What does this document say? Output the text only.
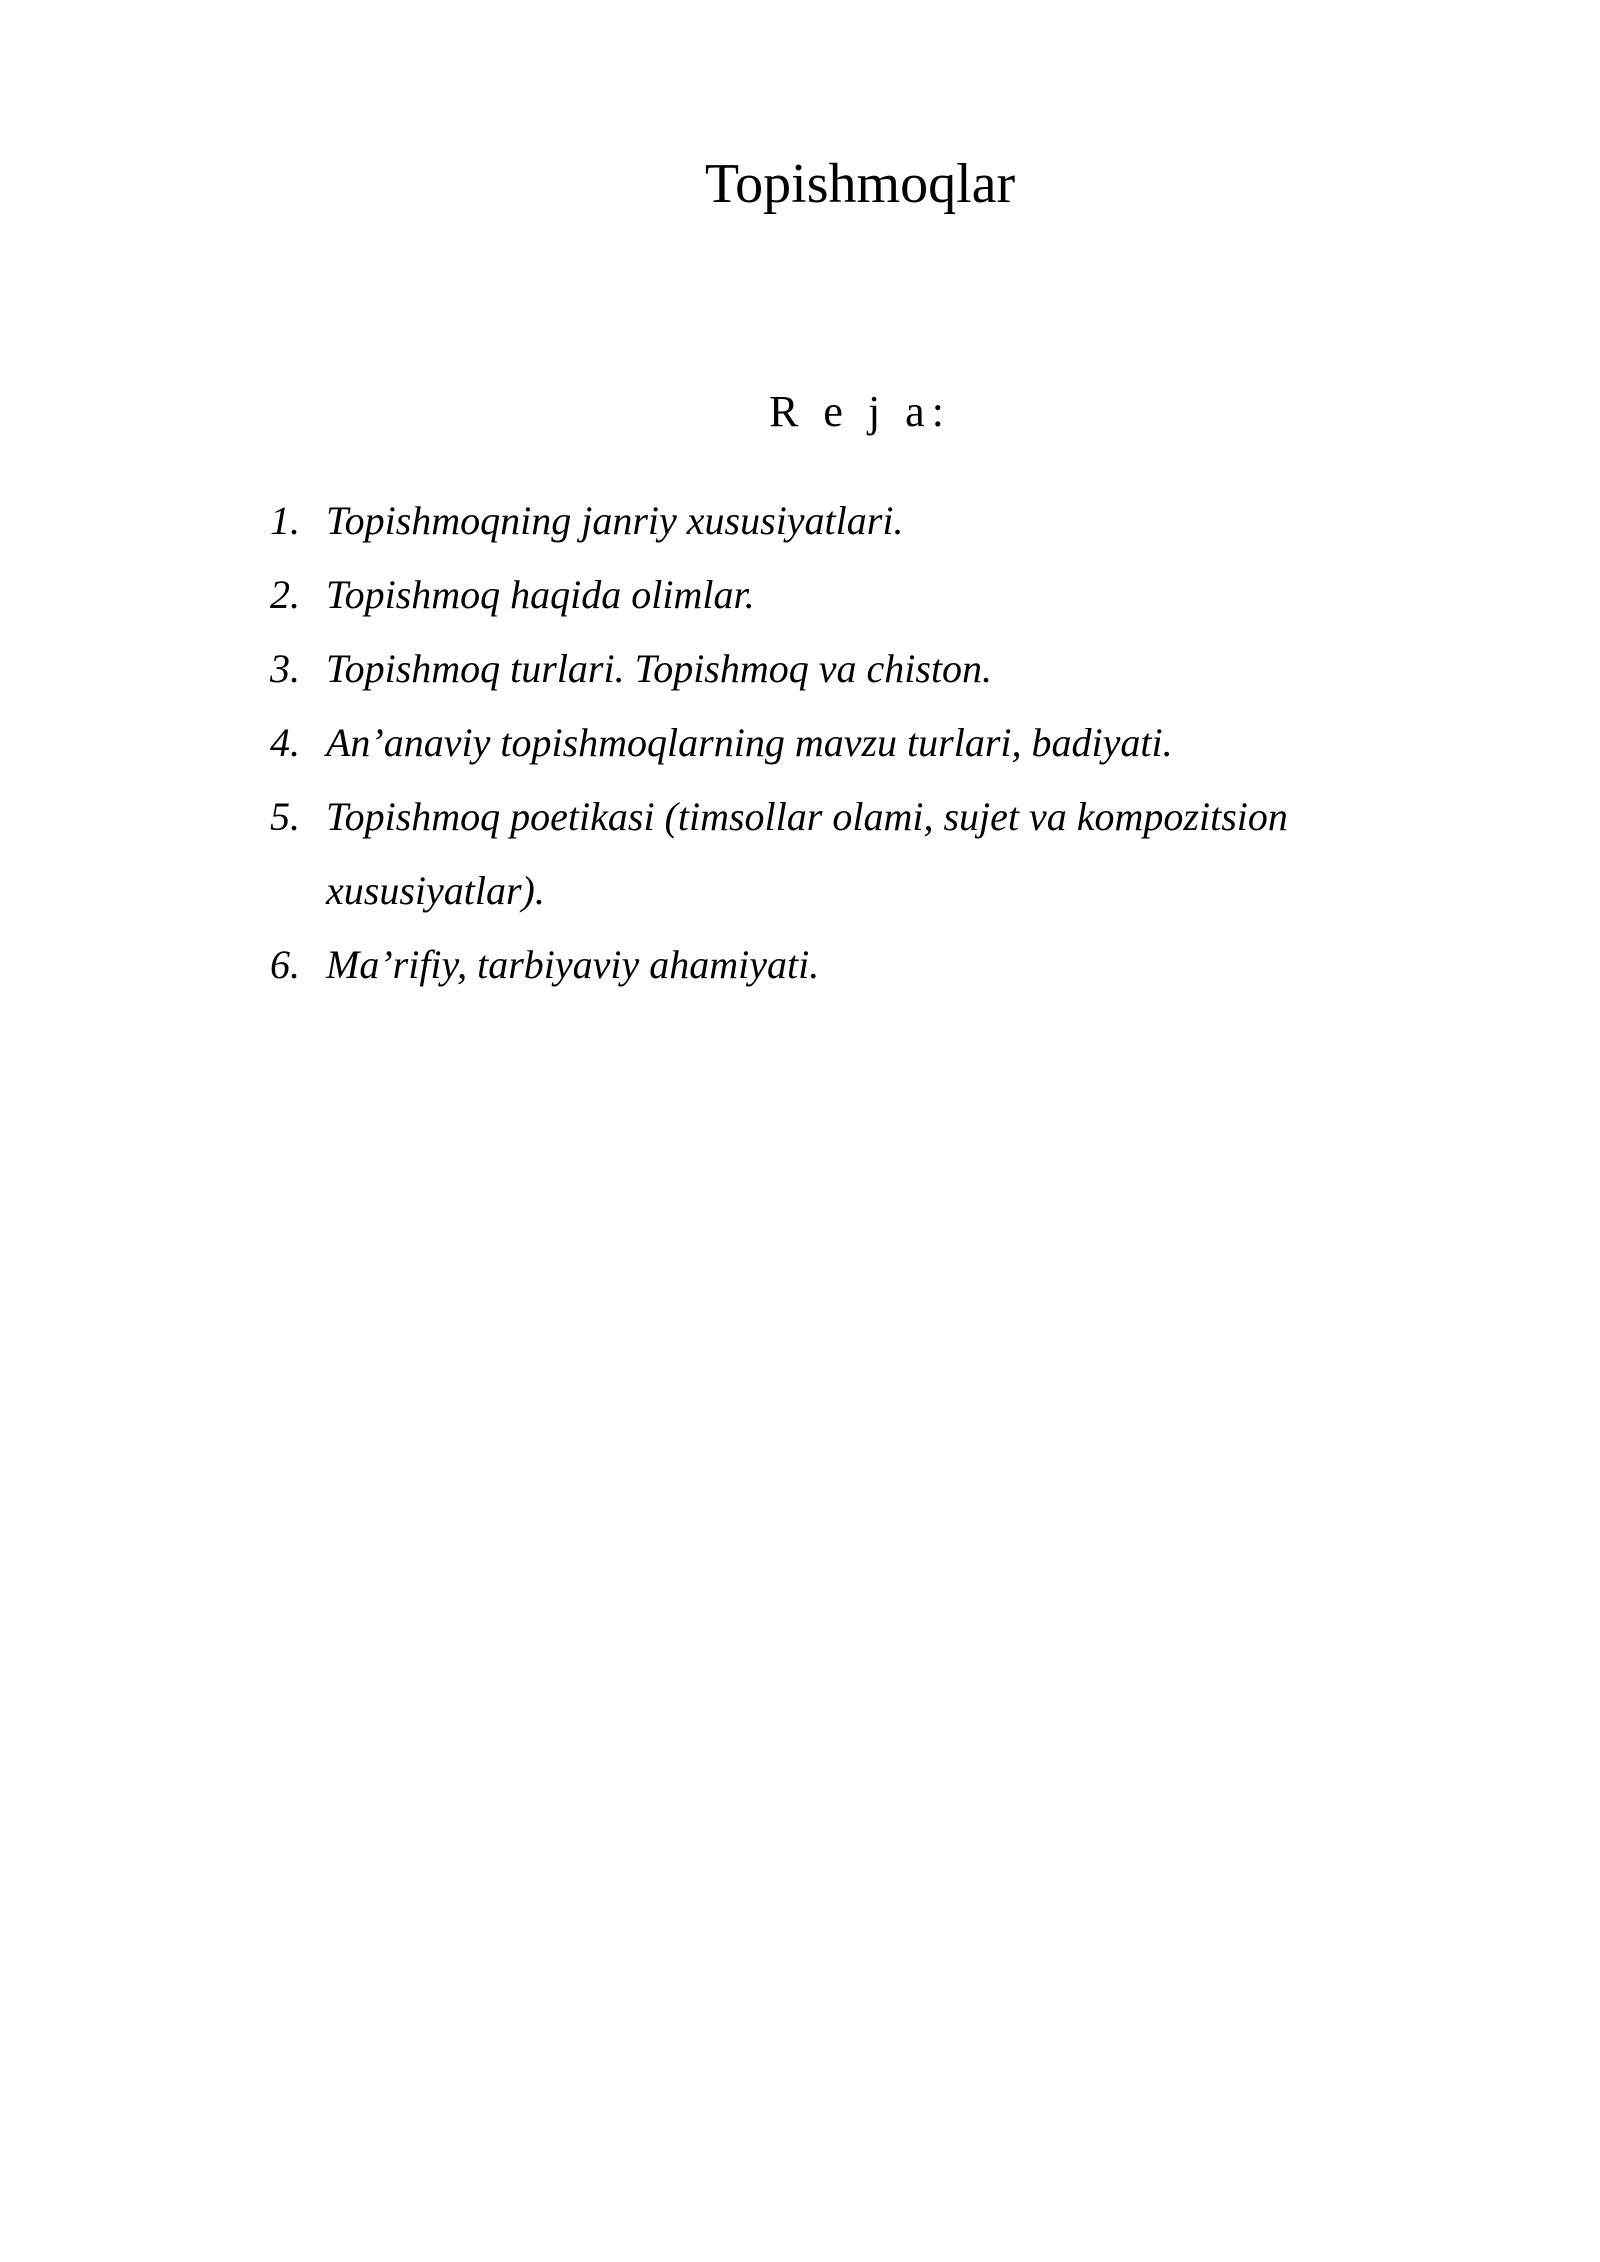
Topishmoqlar

R e j a:

1. Topishmoqning janriy xususiyatlari.
2. Topishmoq haqida olimlar.
3. Topishmoq turlari. Topishmoq va chiston.
4. An’anaviy topishmoqlarning mavzu turlari, badiyati.
5. Topishmoq poetikasi (timsollar olami, sujet va kompozitsion xususiyatlar).
6. Ma’rifiy, tarbiyaviy ahamiyati.
